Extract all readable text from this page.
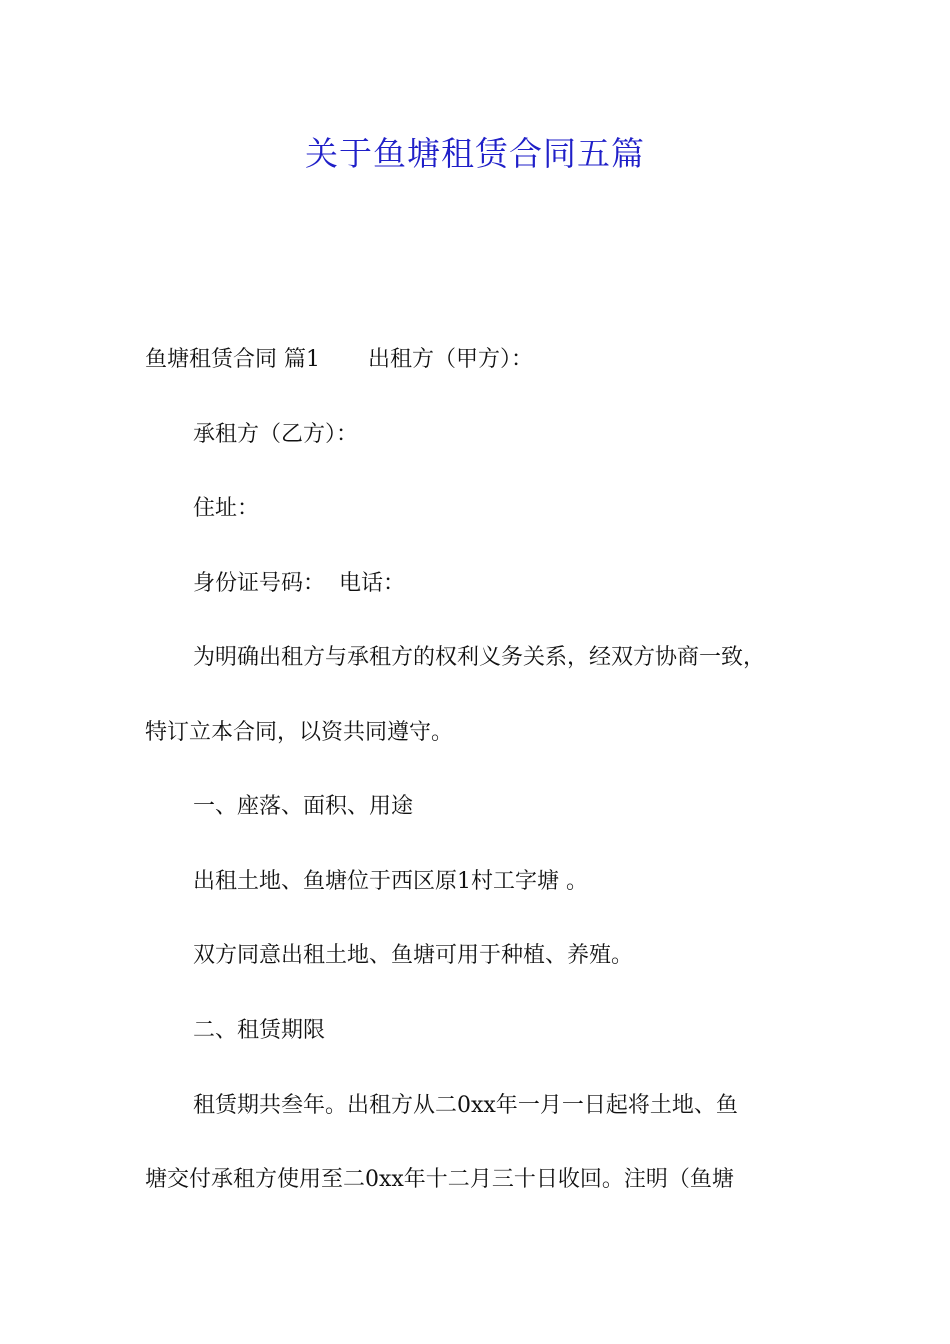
关于鱼塘租赁合同五篇
鱼塘租赁合同 篇1 出租方（甲方）：
承租方（乙方）：
住址：
身份证号码： 电话：
为明确出租方与承租方的权利义务关系，经双方协商一致，
特订立本合同，以资共同遵守。
一、座落、面积、用途
出租土地、鱼塘位于西区原1村工字塘 。
双方同意出租土地、鱼塘可用于种植、养殖。
二、租赁期限
租赁期共叁年。出租方从二0xx年一月一日起将土地、鱼
塘交付承租方使用至二0xx年十二月三十日收回。注明（鱼塘
